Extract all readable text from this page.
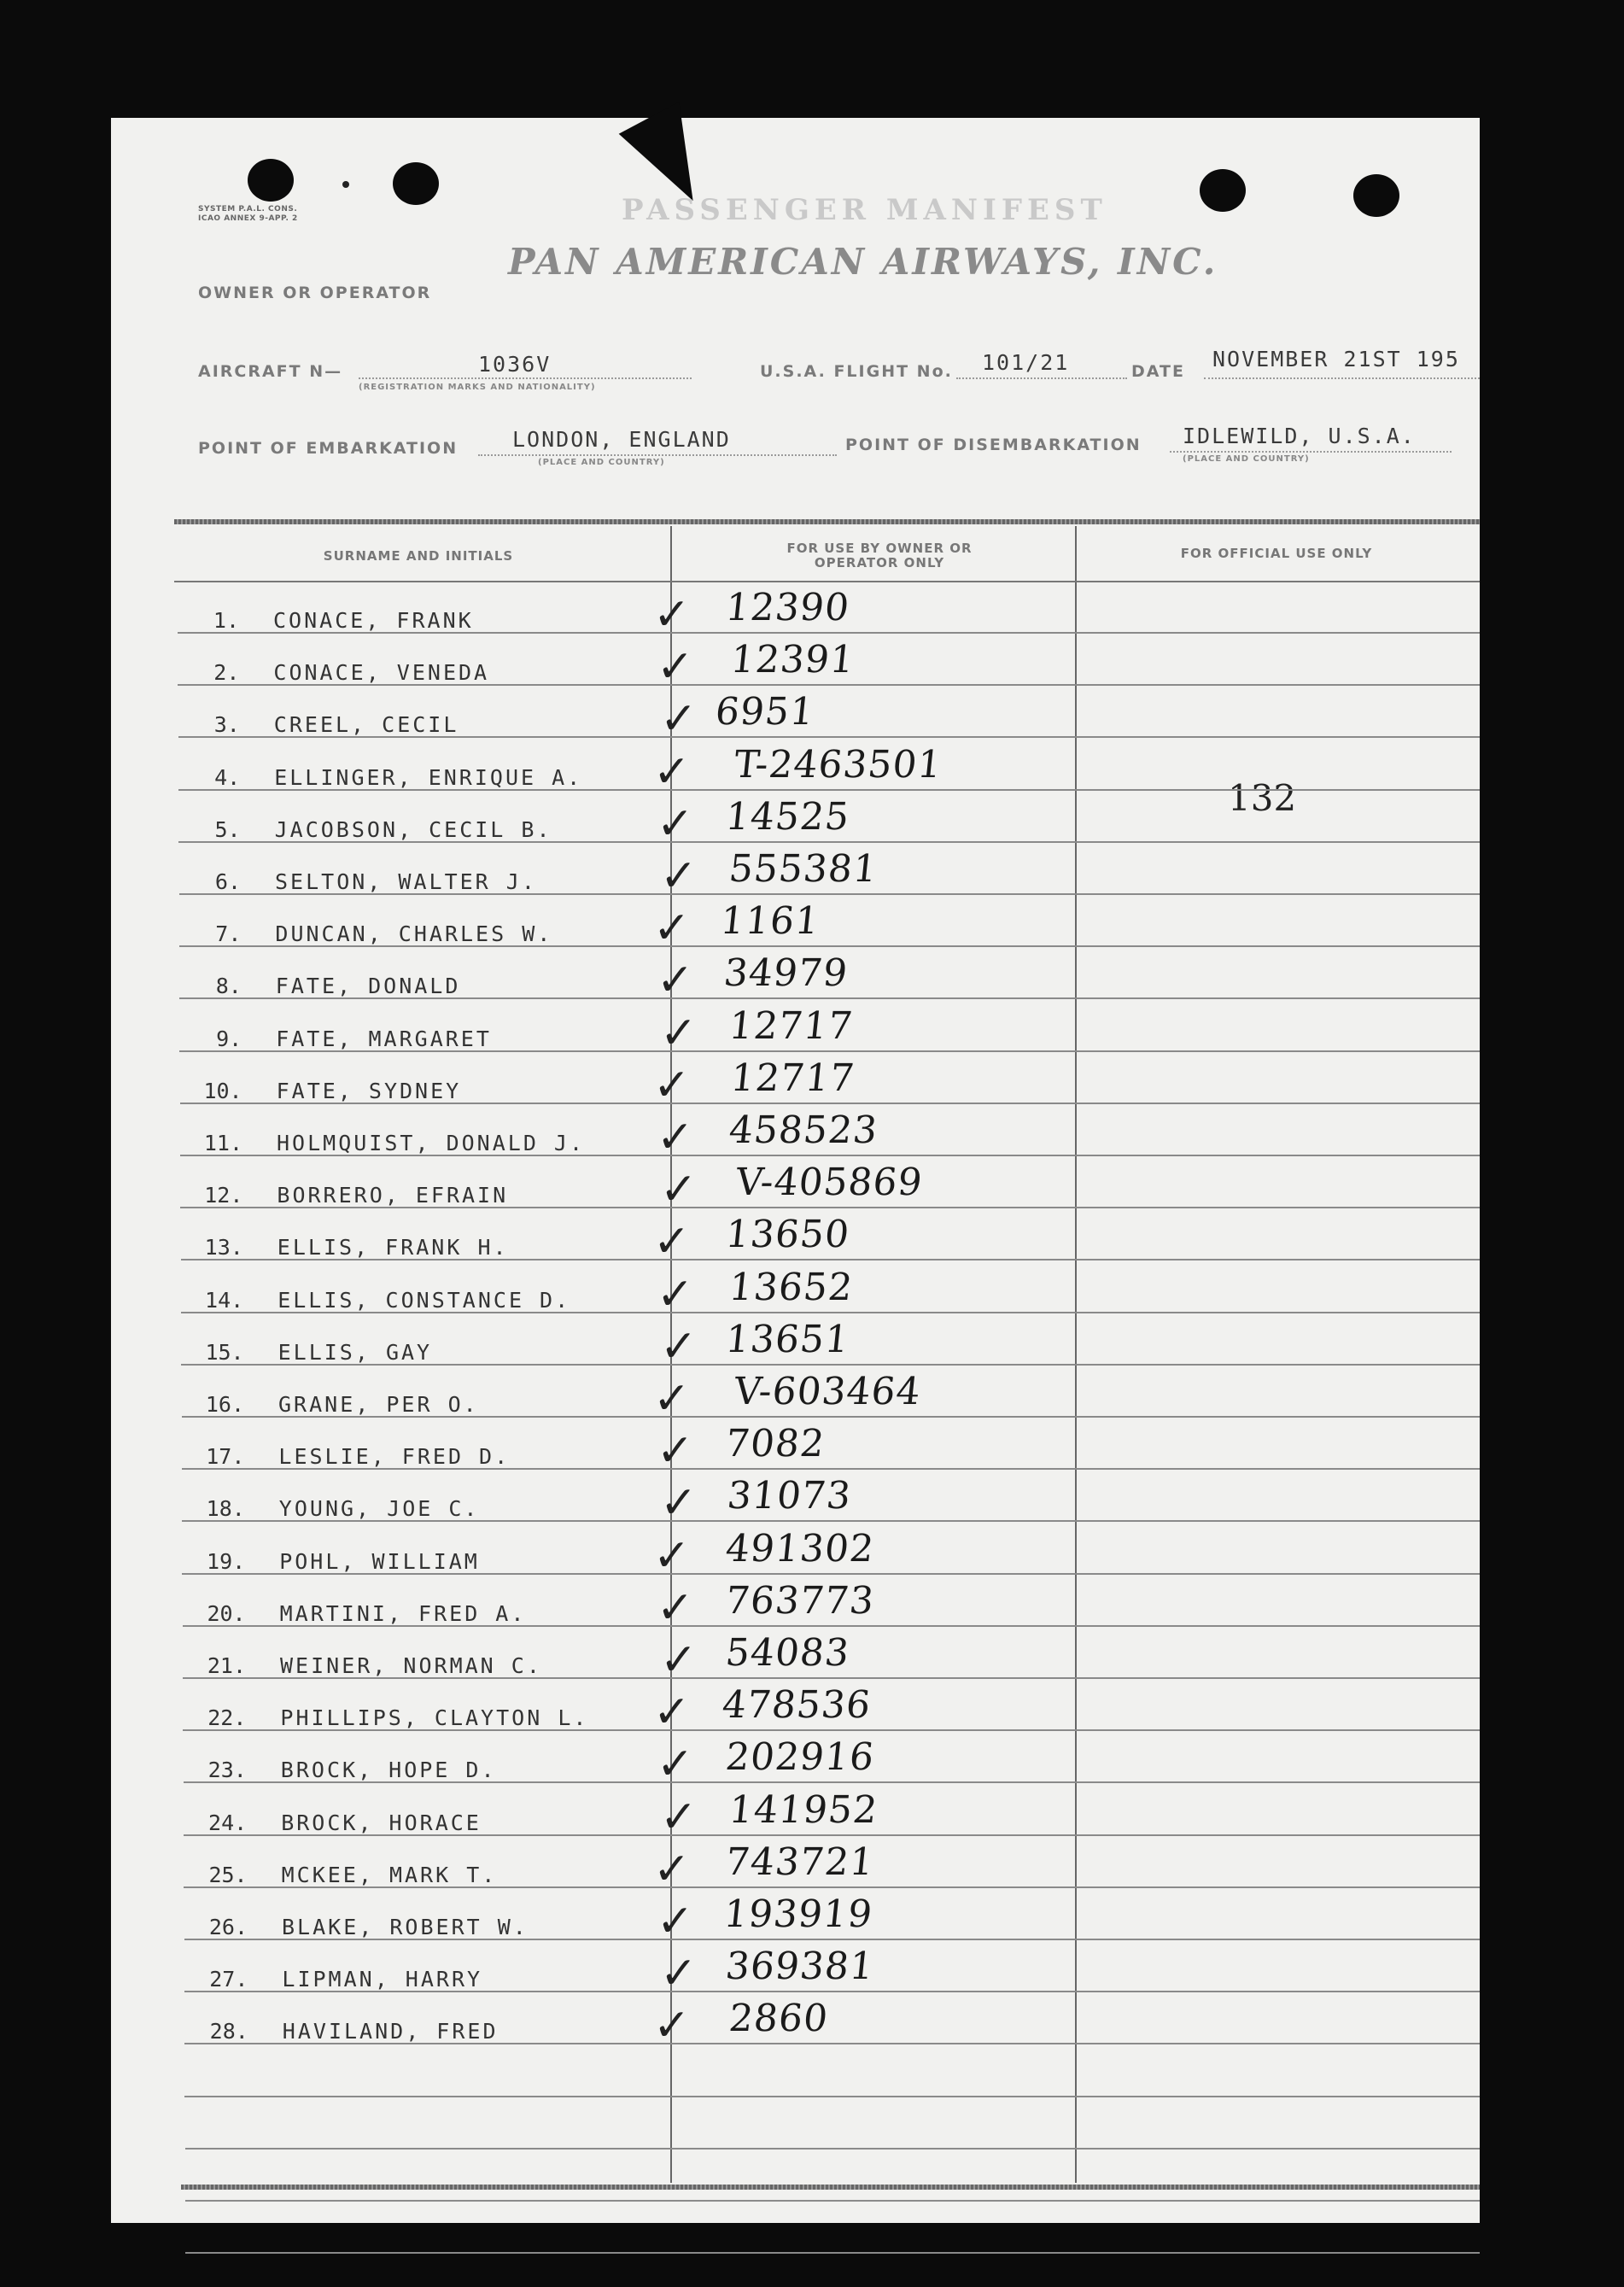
SYSTEM P.A.L. CONS.
ICAO ANNEX 9-APP. 2	PASSENGER MANIFEST
PAN AMERICAN AIRWAYS, INC.
OWNER OR OPERATOR
AIRCRAFT N—	1036V
(REGISTRATION MARKS AND NATIONALITY)
U.S.A. FLIGHT No. 101/21	DATE NOVEMBER 21ST 195
POINT OF EMBARKATION	LONDON, ENGLAND
(PLACE AND COUNTRY)
POINT OF DISEMBARKATION IDLEWILD, U.S.A.
(PLACE AND COUNTRY)
SURNAME AND INITIALS	FOR USE BY OWNER OR OPERATOR ONLY
FOR OFFICIAL USE ONLY
132
1. CONACE, FRANK	✓ 12390
2. CONACE, VENEDA	✓ 12391
3. CREEL, CECIL	✓ 6951
4. ELLINGER, ENRIQUE A. ✓ T-2463501
5. JACOBSON, CECIL B. ✓ 14525
6. SELTON, WALTER J.	✓ 555381
7. DUNCAN, CHARLES W. ✓ 1161
8. FATE, DONALD	✓ 34979
9. FATE, MARGARET	✓ 12717
10. FATE, SYDNEY	✓ 12717
11. HOLMQUIST, DONALD J. ✓ 458523
12. BORRERO, EFRAIN	✓ V-405869
13. ELLIS, FRANK H.	✓ 13650
14. ELLIS, CONSTANCE D. ✓ 13652
15. ELLIS, GAY	✓ 13651
16. GRANE, PER O.	✓ V-603464
17. LESLIE, FRED D.	✓ 7082
18. YOUNG, JOE C.	✓ 31073
19. POHL, WILLIAM	✓ 491302
20. MARTINI, FRED A.	✓ 763773
21. WEINER, NORMAN C.	✓ 54083
22. PHILLIPS, CLAYTON L. ✓ 478536
23. BROCK, HOPE D.	✓ 202916
24. BROCK, HORACE	✓ 141952
25. MCKEE, MARK T.	✓ 743721
26. BLAKE, ROBERT W.	✓ 193919
27. LIPMAN, HARRY	✓ 369381
28. HAVILAND, FRED	✓ 2860
